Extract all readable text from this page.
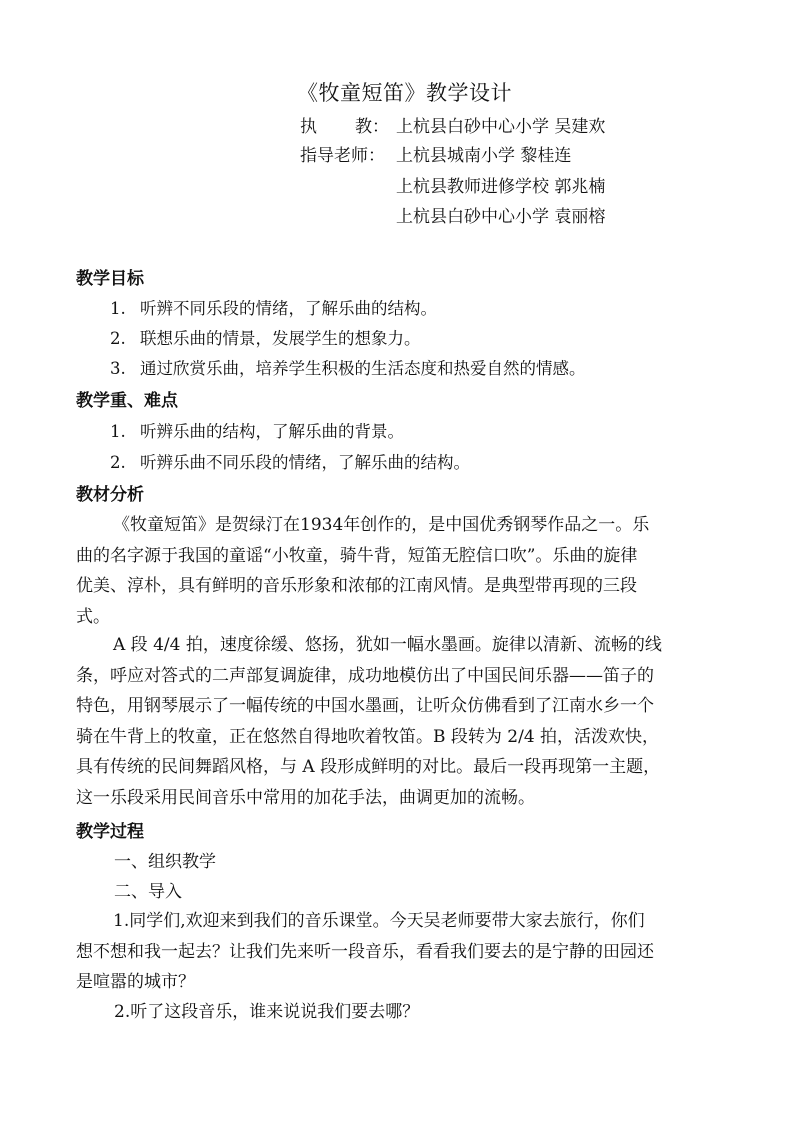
《牧童短笛》教学设计
执 教： 上杭县白砂中心小学 吴建欢
指导老师： 上杭县城南小学 黎桂连
上杭县教师进修学校 郭兆楠
上杭县白砂中心小学 袁丽榕
教学目标
1. 听辨不同乐段的情绪，了解乐曲的结构。
2. 联想乐曲的情景，发展学生的想象力。
3. 通过欣赏乐曲，培养学生积极的生活态度和热爱自然的情感。
教学重、难点
1. 听辨乐曲的结构，了解乐曲的背景。
2. 听辨乐曲不同乐段的情绪，了解乐曲的结构。
教材分析
《牧童短笛》是贺绿汀在1934年创作的，是中国优秀钢琴作品之一。乐
曲的名字源于我国的童谣“小牧童，骑牛背，短笛无腔信口吹”。乐曲的旋律
优美、淳朴，具有鲜明的音乐形象和浓郁的江南风情。是典型带再现的三段
式。
A 段 4/4 拍，速度徐缓、悠扬，犹如一幅水墨画。旋律以清新、流畅的线
条，呼应对答式的二声部复调旋律，成功地模仿出了中国民间乐器——笛子的
特色，用钢琴展示了一幅传统的中国水墨画，让听众仿佛看到了江南水乡一个
骑在牛背上的牧童，正在悠然自得地吹着牧笛。B 段转为 2/4 拍，活泼欢快，
具有传统的民间舞蹈风格，与 A 段形成鲜明的对比。最后一段再现第一主题，
这一乐段采用民间音乐中常用的加花手法，曲调更加的流畅。
教学过程
一、组织教学
二、导入
1.同学们,欢迎来到我们的音乐课堂。今天吴老师要带大家去旅行，你们
想不想和我一起去？让我们先来听一段音乐，看看我们要去的是宁静的田园还
是喧嚣的城市？
2.听了这段音乐，谁来说说我们要去哪？
